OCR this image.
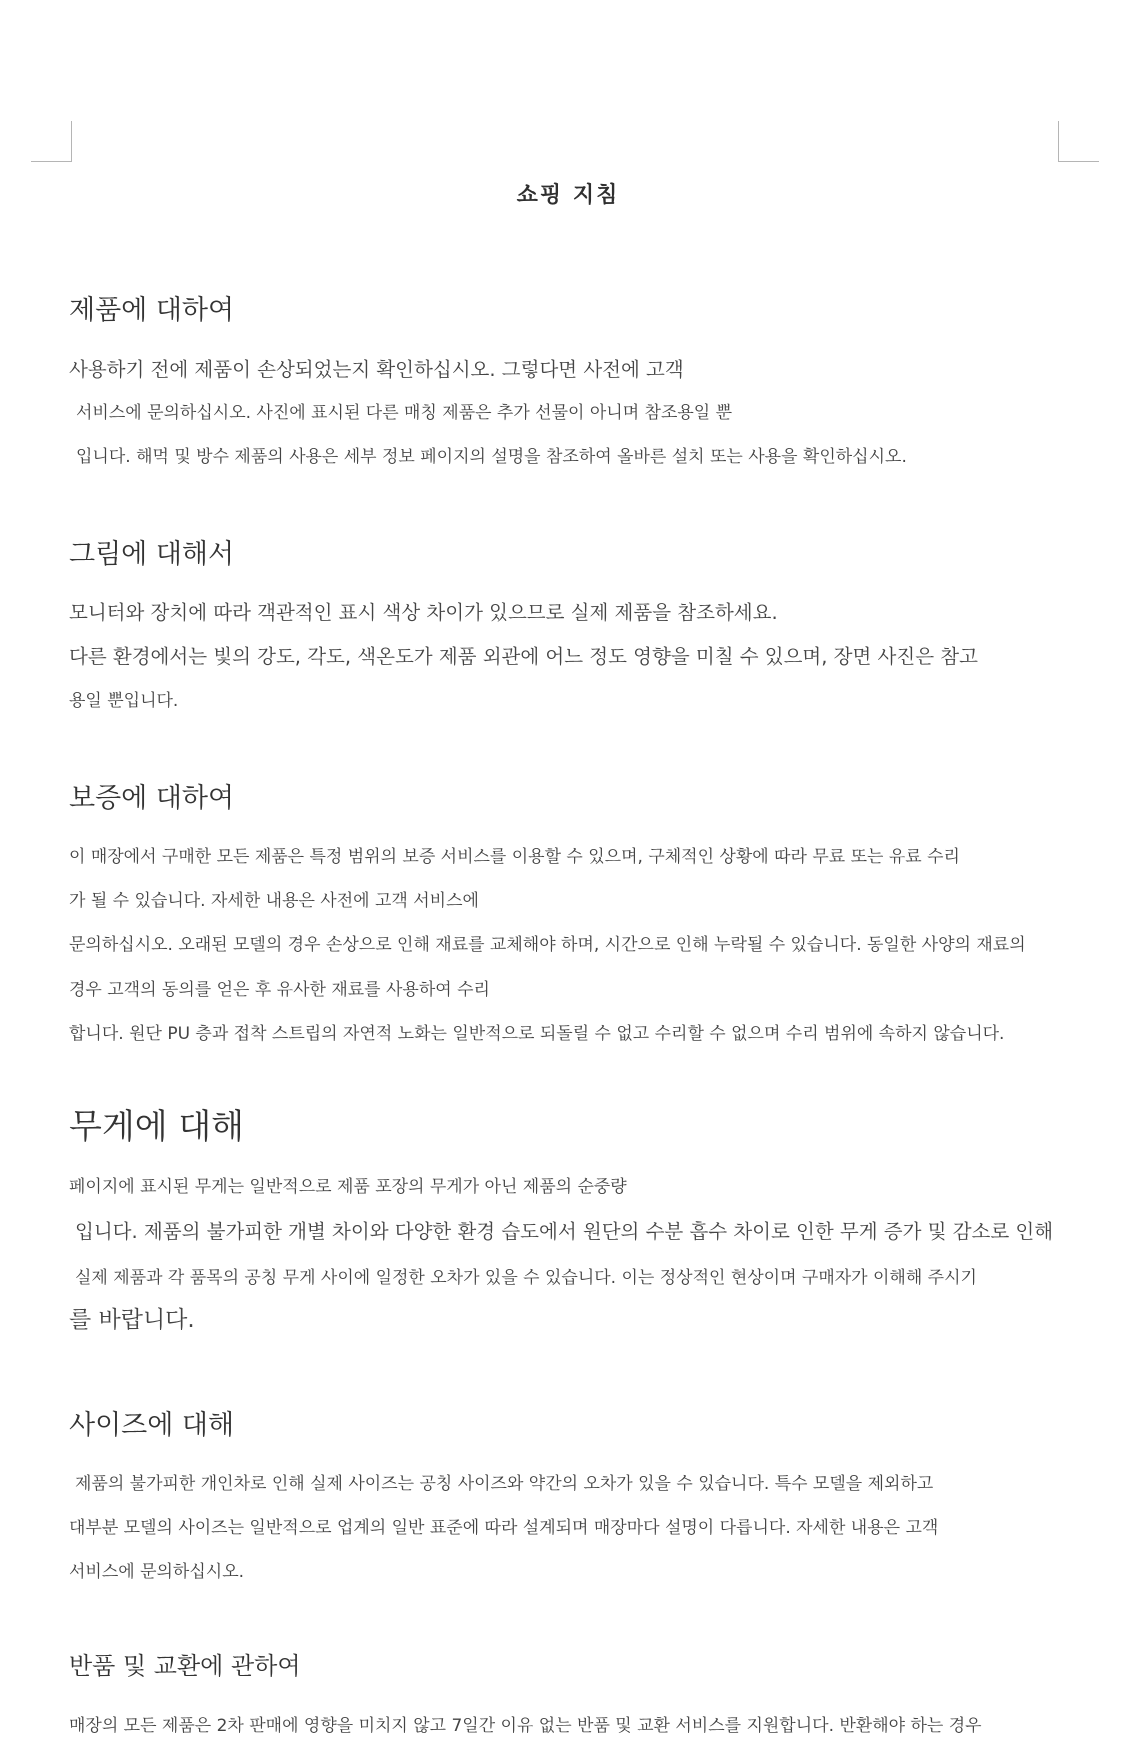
쇼핑 지침
제품에 대하여
사용하기 전에 제품이 손상되었는지 확인하십시오. 그렇다면 사전에 고객
서비스에 문의하십시오. 사진에 표시된 다른 매칭 제품은 추가 선물이 아니며 참조용일 뿐
입니다. 해먹 및 방수 제품의 사용은 세부 정보 페이지의 설명을 참조하여 올바른 설치 또는 사용을 확인하십시오.
그림에 대해서
모니터와 장치에 따라 객관적인 표시 색상 차이가 있으므로 실제 제품을 참조하세요.
다른 환경에서는 빛의 강도, 각도, 색온도가 제품 외관에 어느 정도 영향을 미칠 수 있으며, 장면 사진은 참고
용일 뿐입니다.
보증에 대하여
이 매장에서 구매한 모든 제품은 특정 범위의 보증 서비스를 이용할 수 있으며, 구체적인 상황에 따라 무료 또는 유료 수리
가 될 수 있습니다. 자세한 내용은 사전에 고객 서비스에
문의하십시오. 오래된 모델의 경우 손상으로 인해 재료를 교체해야 하며, 시간으로 인해 누락될 수 있습니다. 동일한 사양의 재료의
경우 고객의 동의를 얻은 후 유사한 재료를 사용하여 수리
합니다. 원단 PU 층과 접착 스트립의 자연적 노화는 일반적으로 되돌릴 수 없고 수리할 수 없으며 수리 범위에 속하지 않습니다.
무게에 대해
페이지에 표시된 무게는 일반적으로 제품 포장의 무게가 아닌 제품의 순중량
입니다. 제품의 불가피한 개별 차이와 다양한 환경 습도에서 원단의 수분 흡수 차이로 인한 무게 증가 및 감소로 인해
실제 제품과 각 품목의 공칭 무게 사이에 일정한 오차가 있을 수 있습니다. 이는 정상적인 현상이며 구매자가 이해해 주시기
를 바랍니다.
사이즈에 대해
제품의 불가피한 개인차로 인해 실제 사이즈는 공칭 사이즈와 약간의 오차가 있을 수 있습니다. 특수 모델을 제외하고
대부분 모델의 사이즈는 일반적으로 업계의 일반 표준에 따라 설계되며 매장마다 설명이 다릅니다. 자세한 내용은 고객
서비스에 문의하십시오.
반품 및 교환에 관하여
매장의 모든 제품은 2차 판매에 영향을 미치지 않고 7일간 이유 없는 반품 및 교환 서비스를 지원합니다. 반환해야 하는 경우
